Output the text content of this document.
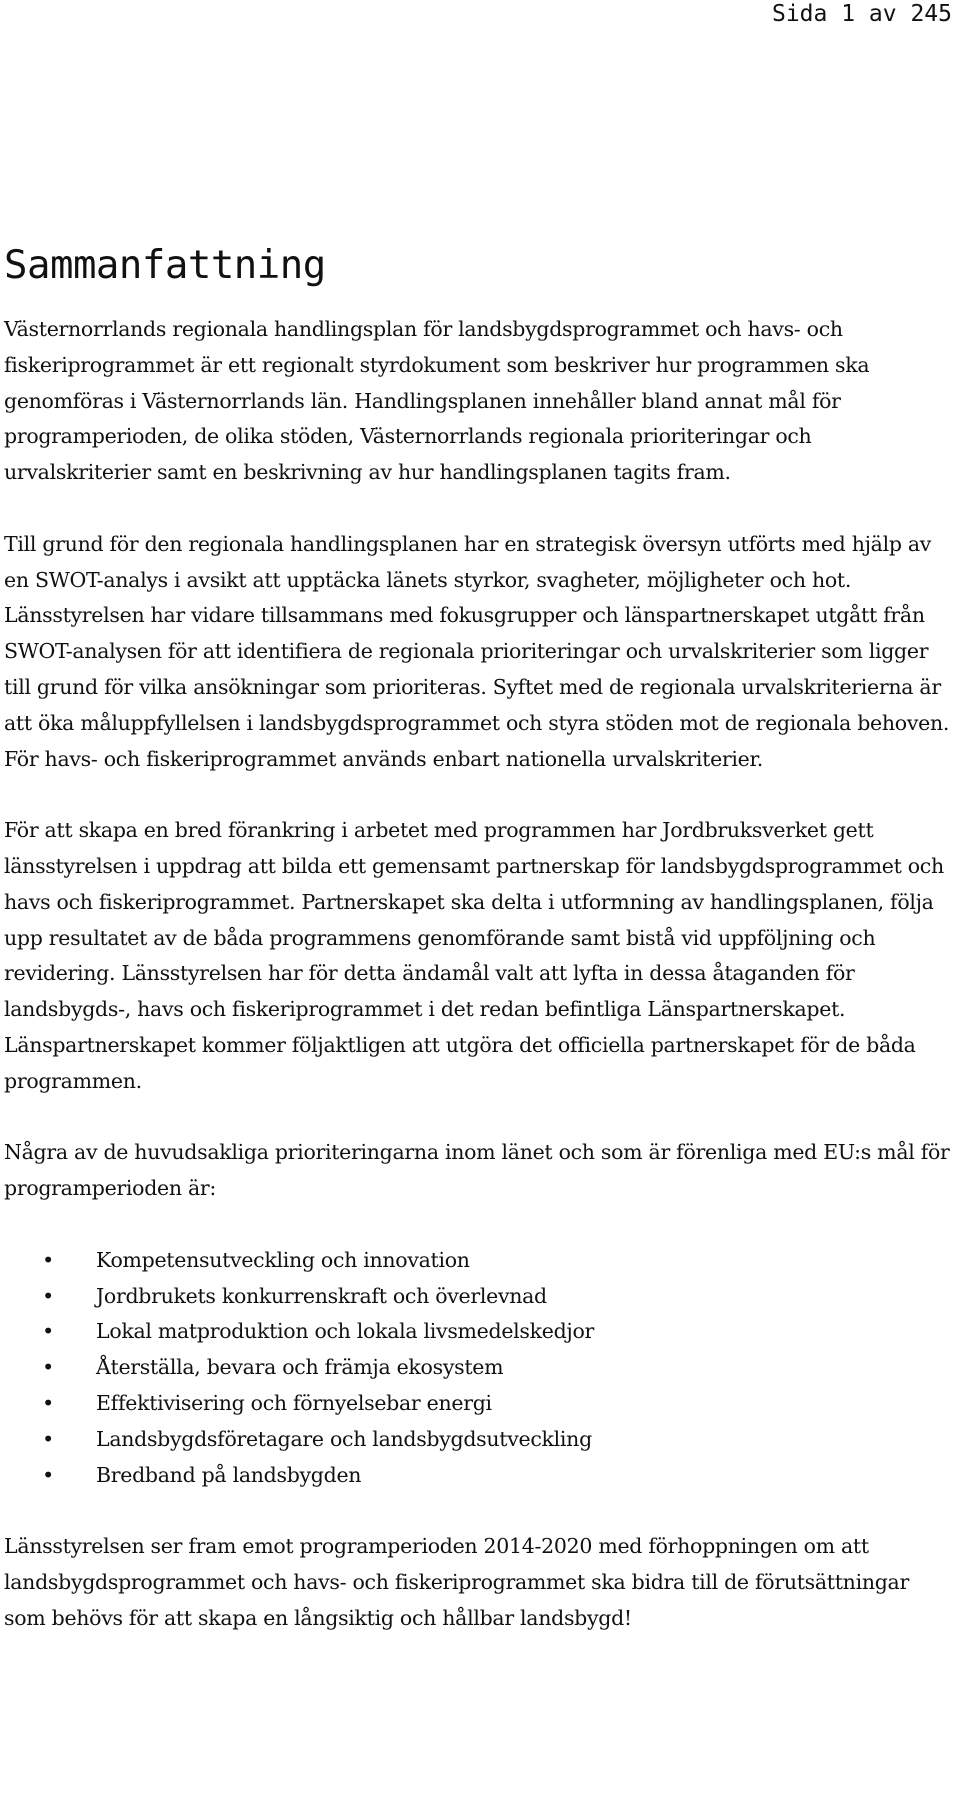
Sida 1 av 245
Sammanfattning

Västernorrlands regionala handlingsplan för landsbygdsprogrammet och havs- och fiskeriprogrammet är ett regionalt styrdokument som beskriver hur programmen ska genomföras i Västernorrlands län. Handlingsplanen innehåller bland annat mål för programperioden, de olika stöden, Västernorrlands regionala prioriteringar och urvalskriterier samt en beskrivning av hur handlingsplanen tagits fram.

Till grund för den regionala handlingsplanen har en strategisk översyn utförts med hjälp av en SWOT-analys i avsikt att upptäcka länets styrkor, svagheter, möjligheter och hot. Länsstyrelsen har vidare tillsammans med fokusgrupper och länspartnerskapet utgått från SWOT-analysen för att identifiera de regionala prioriteringar och urvalskriterier som ligger till grund för vilka ansökningar som prioriteras. Syftet med de regionala urvalskriterierna är att öka måluppfyllelsen i landsbygdsprogrammet och styra stöden mot de regionala behoven. För havs- och fiskeriprogrammet används enbart nationella urvalskriterier.

För att skapa en bred förankring i arbetet med programmen har Jordbruksverket gett länsstyrelsen i uppdrag att bilda ett gemensamt partnerskap för landsbygdsprogrammet och havs och fiskeriprogrammet. Partnerskapet ska delta i utformning av handlingsplanen, följa upp resultatet av de båda programmens genomförande samt bistå vid uppföljning och revidering. Länsstyrelsen har för detta ändamål valt att lyfta in dessa åtaganden för landsbygds-, havs och fiskeriprogrammet i det redan befintliga Länspartnerskapet. Länspartnerskapet kommer följaktligen att utgöra det officiella partnerskapet för de båda programmen.

Några av de huvudsakliga prioriteringarna inom länet och som är förenliga med EU:s mål för programperioden är:

• Kompetensutveckling och innovation
• Jordbrukets konkurrenskraft och överlevnad
• Lokal matproduktion och lokala livsmedelskedjor
• Återställa, bevara och främja ekosystem
• Effektivisering och förnyelsebar energi
• Landsbygdsföretagare och landsbygdsutveckling
• Bredband på landsbygden

Länsstyrelsen ser fram emot programperioden 2014-2020 med förhoppningen om att landsbygdsprogrammet och havs- och fiskeriprogrammet ska bidra till de förutsättningar som behövs för att skapa en långsiktig och hållbar landsbygd!
